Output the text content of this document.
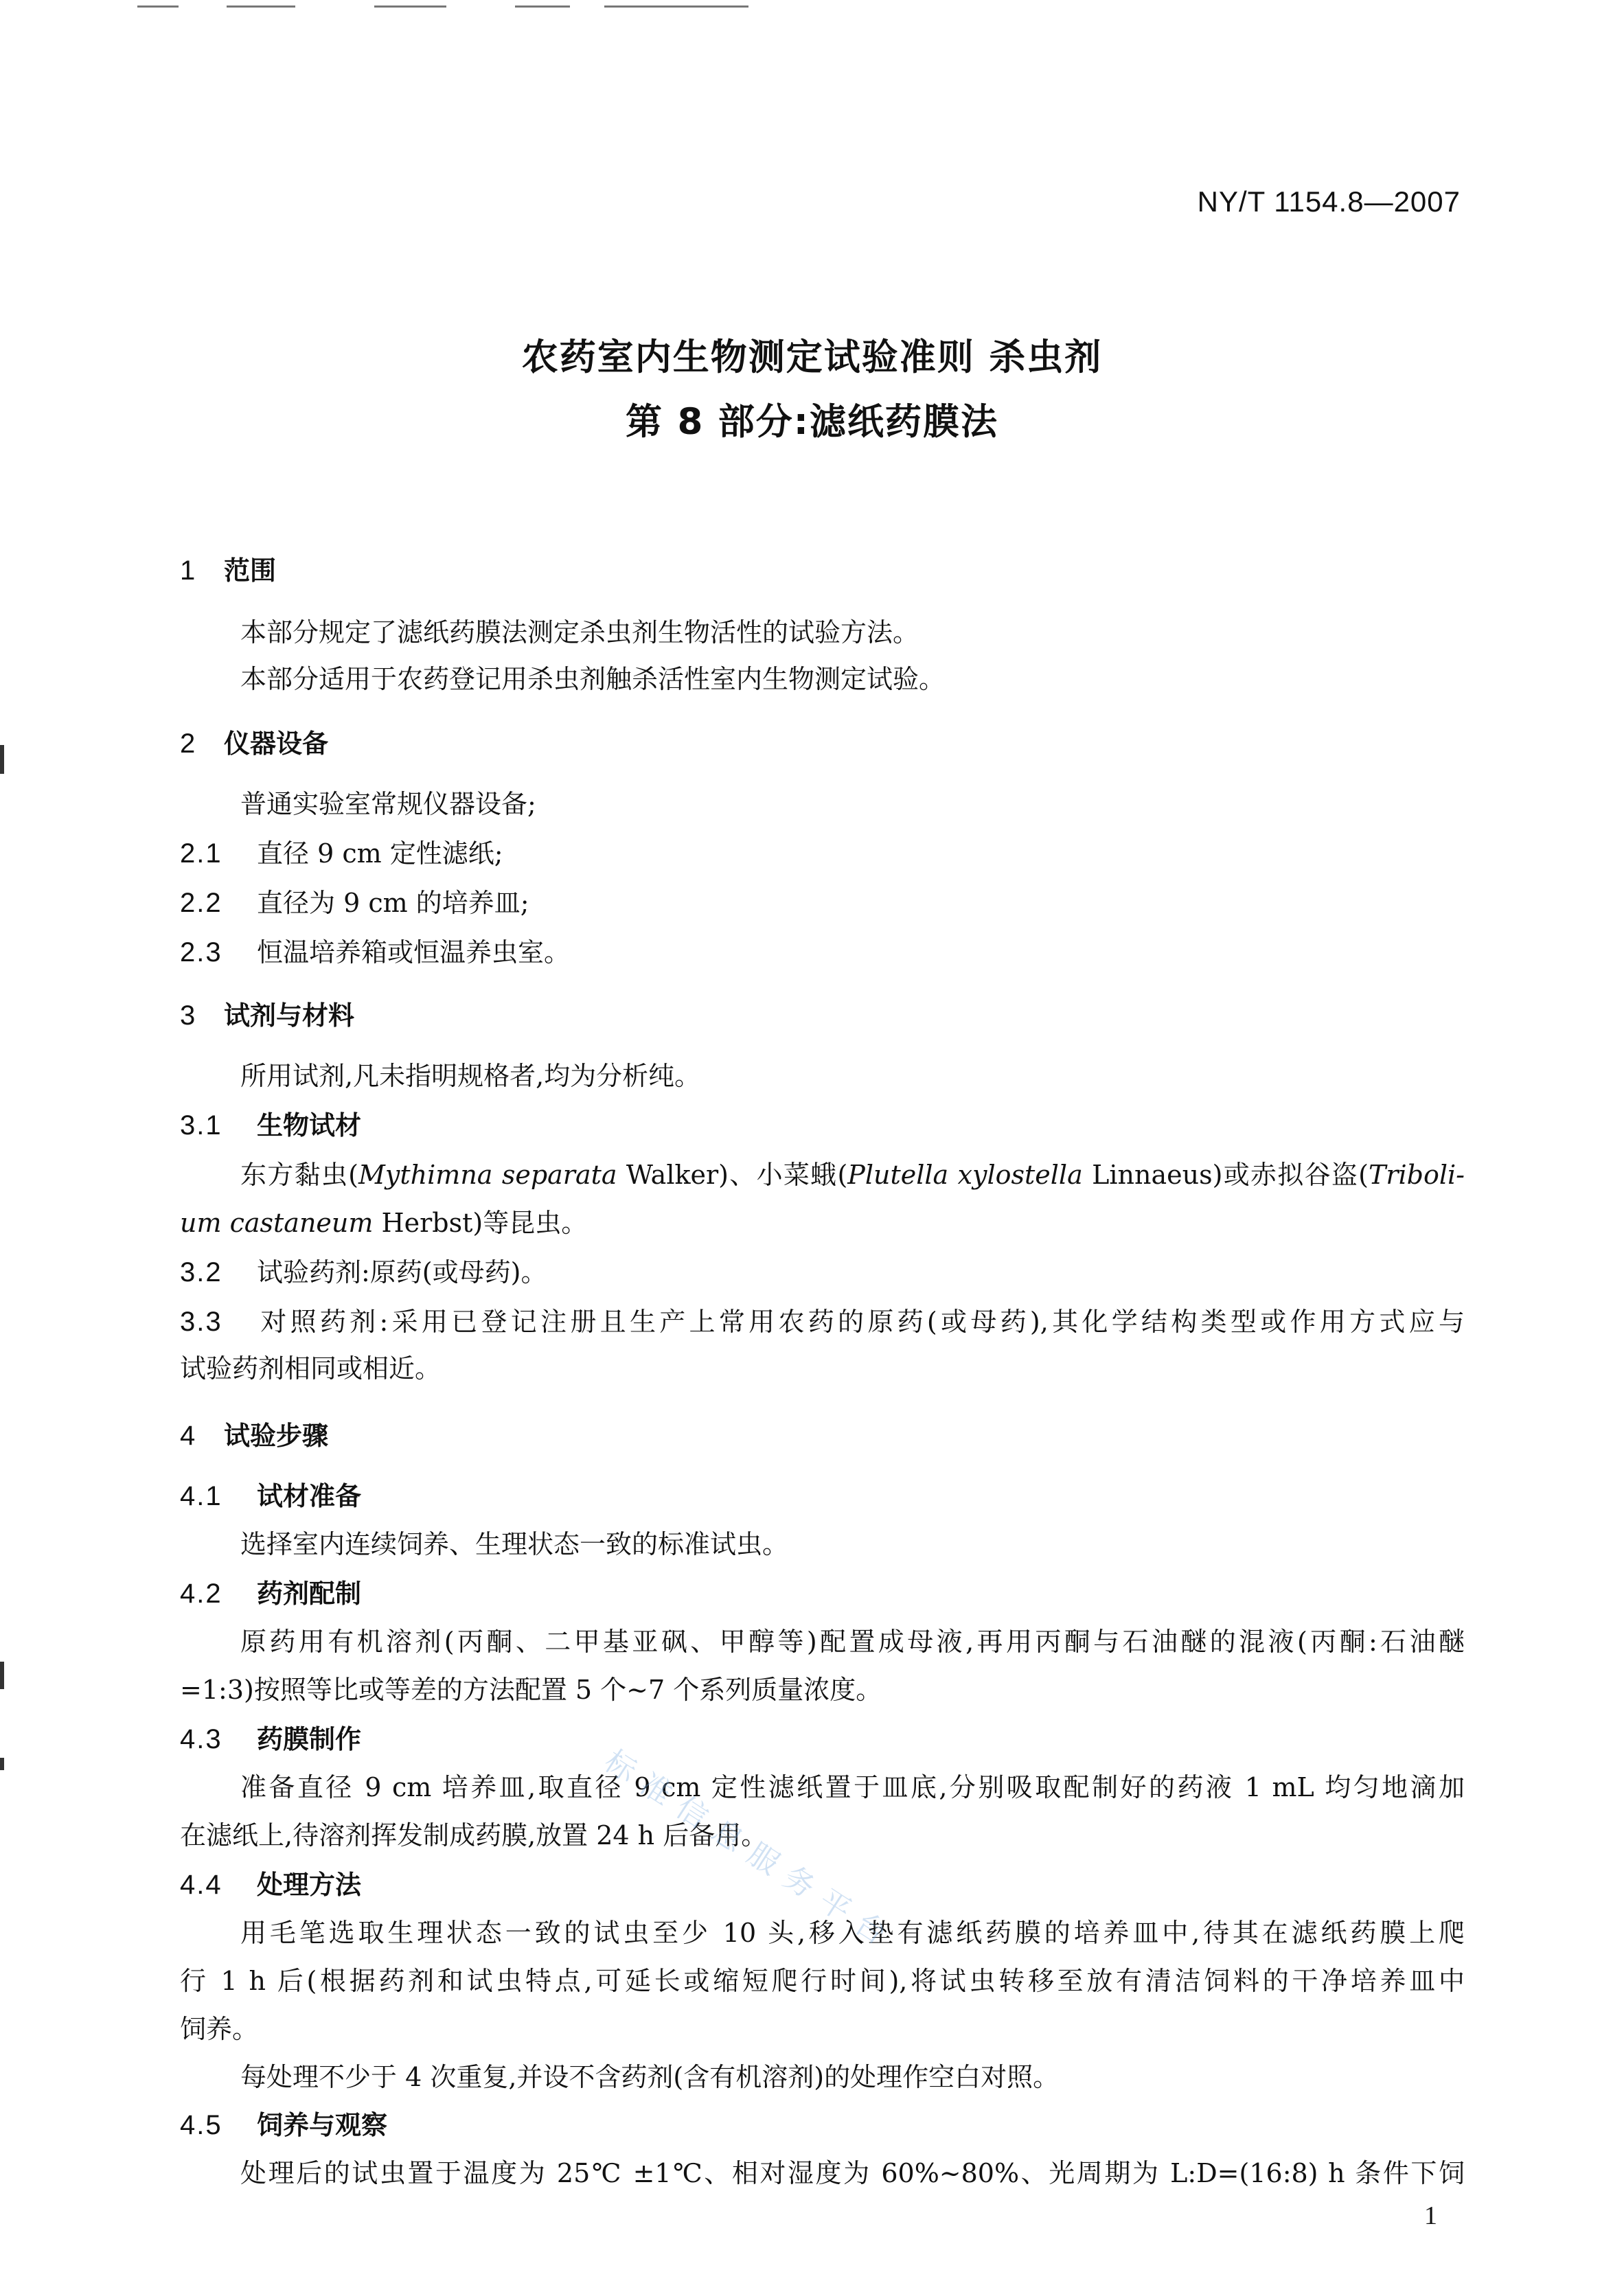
NY/T 1154.8—2007
农药室内生物测定试验准则 杀虫剂
第 8 部分:滤纸药膜法
1 范围
本部分规定了滤纸药膜法测定杀虫剂生物活性的试验方法。
本部分适用于农药登记用杀虫剂触杀活性室内生物测定试验。
2 仪器设备
普通实验室常规仪器设备;
2.1 直径 9 cm 定性滤纸;
2.2 直径为 9 cm 的培养皿;
2.3 恒温培养箱或恒温养虫室。
3 试剂与材料
所用试剂,凡未指明规格者,均为分析纯。
3.1 生物试材
东方黏虫(Mythimna separata Walker)、小菜蛾(Plutella xylostella Linnaeus)或赤拟谷盗(Triboli-
um castaneum Herbst)等昆虫。
3.2 试验药剂:原药(或母药)。
3.3 对照药剂:采用已登记注册且生产上常用农药的原药(或母药),其化学结构类型或作用方式应与
试验药剂相同或相近。
4 试验步骤
4.1 试材准备
选择室内连续饲养、生理状态一致的标准试虫。
4.2 药剂配制
原药用有机溶剂(丙酮、二甲基亚砜、甲醇等)配置成母液,再用丙酮与石油醚的混液(丙酮:石油醚
=1:3)按照等比或等差的方法配置 5 个~7 个系列质量浓度。
4.3 药膜制作
准备直径 9 cm 培养皿,取直径 9 cm 定性滤纸置于皿底,分别吸取配制好的药液 1 mL 均匀地滴加
在滤纸上,待溶剂挥发制成药膜,放置 24 h 后备用。
4.4 处理方法
用毛笔选取生理状态一致的试虫至少 10 头,移入垫有滤纸药膜的培养皿中,待其在滤纸药膜上爬
行 1 h 后(根据药剂和试虫特点,可延长或缩短爬行时间),将试虫转移至放有清洁饲料的干净培养皿中
饲养。
每处理不少于 4 次重复,并设不含药剂(含有机溶剂)的处理作空白对照。
4.5 饲养与观察
处理后的试虫置于温度为 25℃ ±1℃、相对湿度为 60%~80%、光周期为 L:D=(16:8) h 条件下饲
1
标准信息服务平台
